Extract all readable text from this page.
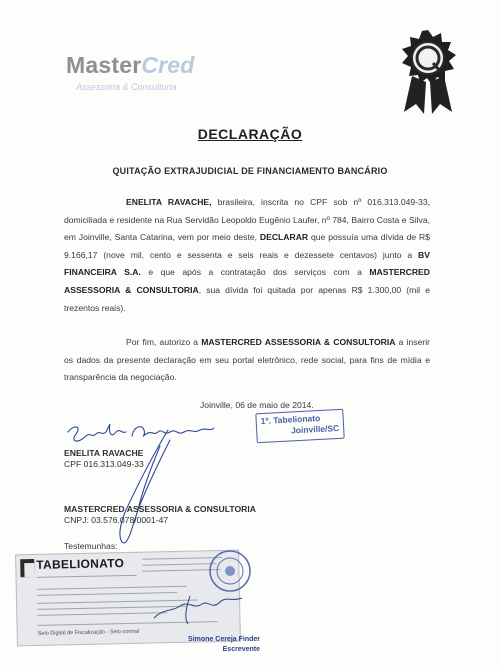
MasterCred
Assessoria & Consultoria
DECLARAÇÃO
QUITAÇÃO EXTRAJUDICIAL DE FINANCIAMENTO BANCÁRIO
ENELITA RAVACHE, brasileira, inscrita no CPF sob nº 016.313.049-33, domiciliada e residente na Rua Servidão Leopoldo Eugênio Laufer, nº 784, Bairro Costa e Silva, em Joinville, Santa Catarina, vem por meio deste, DECLARAR que possuía uma dívida de R$ 9.166,17 (nove mil, cento e sessenta e seis reais e dezessete centavos) junto a BV FINANCEIRA S.A. e que após a contratação dos serviços com a MASTERCRED ASSESSORIA & CONSULTORIA, sua dívida foi quitada por apenas R$ 1.300,00 (mil e trezentos reais).
Por fim, autorizo a MASTERCRED ASSESSORIA & CONSULTORIA a inserir os dados da presente declaração em seu portal eletrônico, rede social, para fins de mídia e transparência da negociação.
Joinville, 06 de maio de 2014.
1º. Tabelionato
Joinville/SC
ENELITA RAVACHE
CPF 016.313.049-33
MASTERCRED ASSESSORIA & CONSULTORIA
CNPJ: 03.576.078/0001-47
Testemunhas:
TABELIONATO
Selo Digital de Fiscalização - Selo normal
Simone Cereja Finder
Escrevente
